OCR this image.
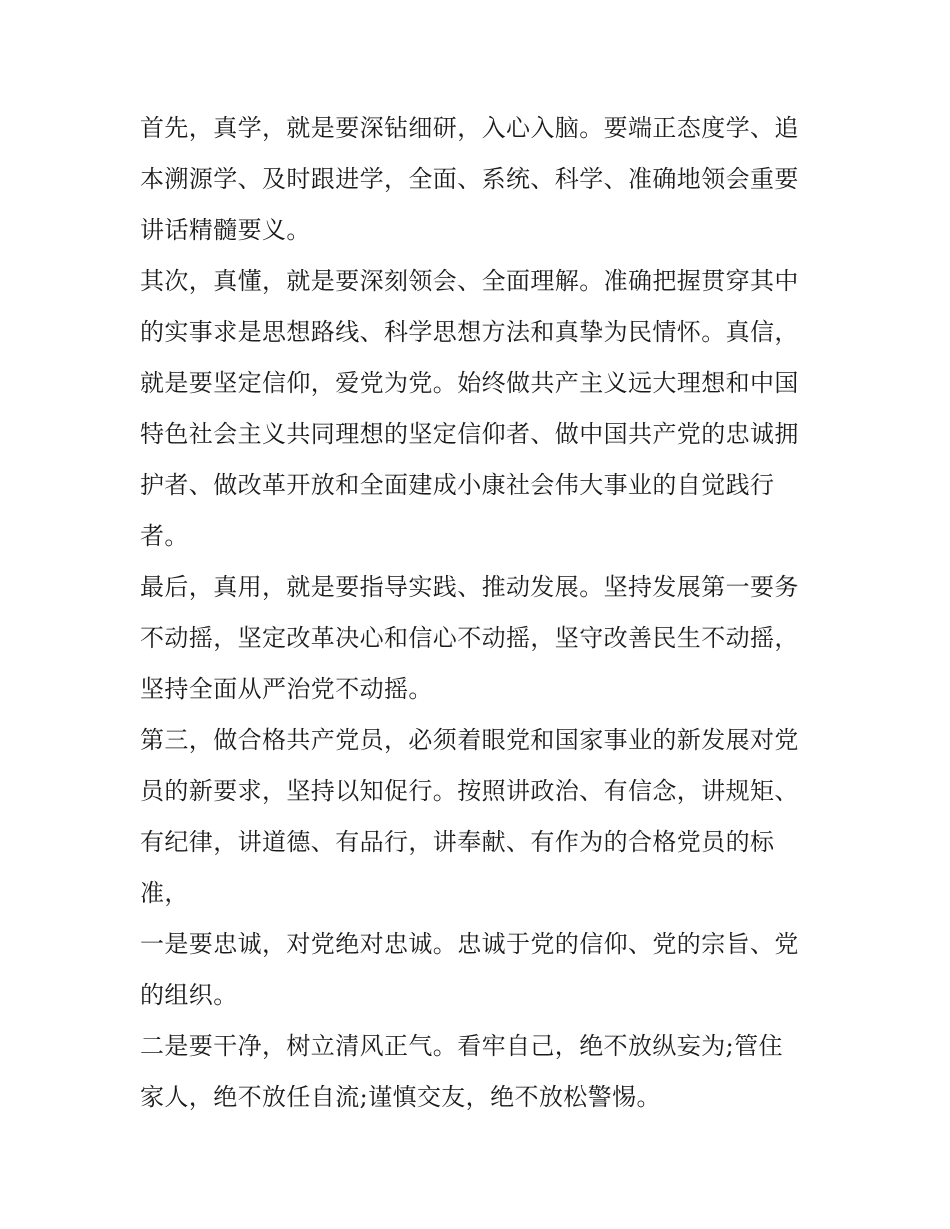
首先，真学，就是要深钻细研，入心入脑。要端正态度学、追
本溯源学、及时跟进学，全面、系统、科学、准确地领会重要
讲话精髓要义。

其次，真懂，就是要深刻领会、全面理解。准确把握贯穿其中
的实事求是思想路线、科学思想方法和真挚为民情怀。真信，
就是要坚定信仰，爱党为党。始终做共产主义远大理想和中国
特色社会主义共同理想的坚定信仰者、做中国共产党的忠诚拥
护者、做改革开放和全面建成小康社会伟大事业的自觉践行
者。

最后，真用，就是要指导实践、推动发展。坚持发展第一要务
不动摇，坚定改革决心和信心不动摇，坚守改善民生不动摇，
坚持全面从严治党不动摇。

第三，做合格共产党员，必须着眼党和国家事业的新发展对党
员的新要求，坚持以知促行。按照讲政治、有信念，讲规矩、
有纪律，讲道德、有品行，讲奉献、有作为的合格党员的标
准，

一是要忠诚，对党绝对忠诚。忠诚于党的信仰、党的宗旨、党
的组织。

二是要干净，树立清风正气。看牢自己，绝不放纵妄为;管住
家人，绝不放任自流;谨慎交友，绝不放松警惕。
